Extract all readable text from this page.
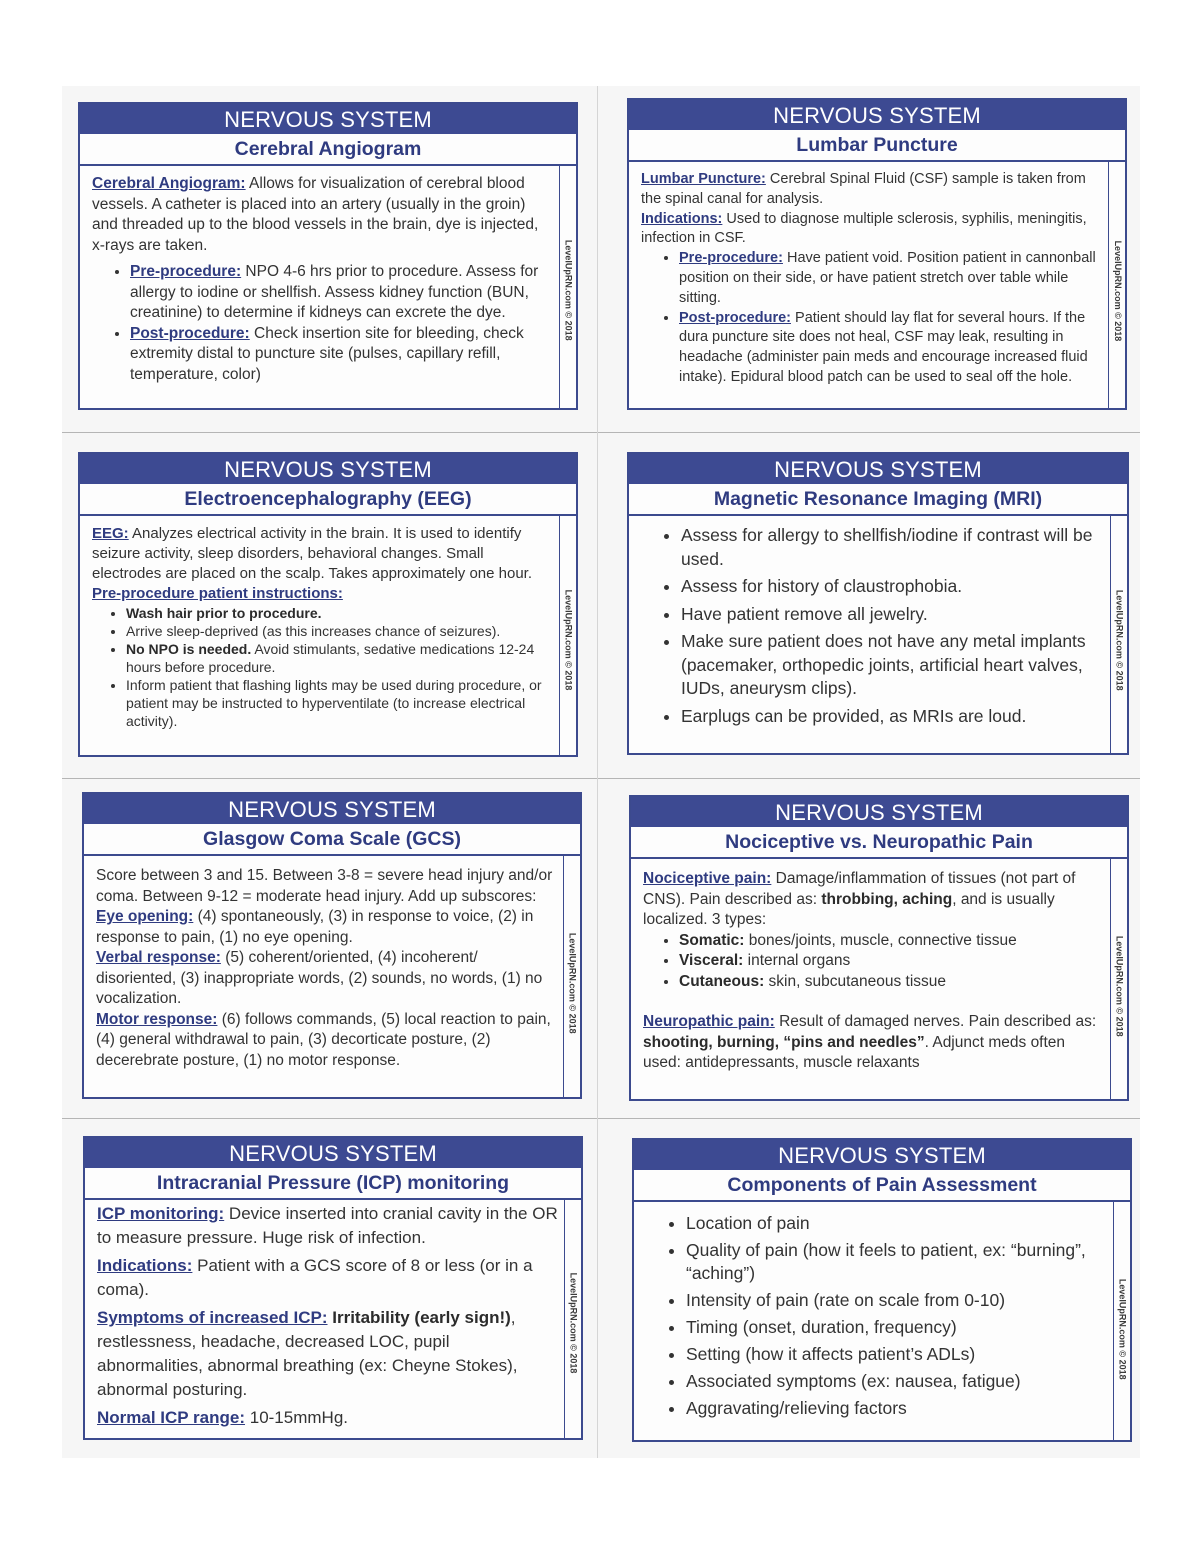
NERVOUS SYSTEM
Cerebral Angiogram

Cerebral Angiogram: Allows for visualization of cerebral blood vessels. A catheter is placed into an artery (usually in the groin) and threaded up to the blood vessels in the brain, dye is injected, x-rays are taken.

• Pre-procedure: NPO 4-6 hrs prior to procedure. Assess for allergy to iodine or shellfish. Assess kidney function (BUN, creatinine) to determine if kidneys can excrete the dye.
• Post-procedure: Check insertion site for bleeding, check extremity distal to puncture site (pulses, capillary refill, temperature, color)
LevelUpRN.com © 2018
NERVOUS SYSTEM
Lumbar Puncture

Lumbar Puncture: Cerebral Spinal Fluid (CSF) sample is taken from the spinal canal for analysis.

Indications: Used to diagnose multiple sclerosis, syphilis, meningitis, infection in CSF.

• Pre-procedure: Have patient void. Position patient in cannonball position on their side, or have patient stretch over table while sitting.
• Post-procedure: Patient should lay flat for several hours. If the dura puncture site does not heal, CSF may leak, resulting in headache (administer pain meds and encourage increased fluid intake). Epidural blood patch can be used to seal off the hole.
LevelUpRN.com © 2018
NERVOUS SYSTEM
Electroencephalography (EEG)

EEG: Analyzes electrical activity in the brain. It is used to identify seizure activity, sleep disorders, behavioral changes. Small electrodes are placed on the scalp. Takes approximately one hour.

Pre-procedure patient instructions:

• Wash hair prior to procedure.
• Arrive sleep-deprived (as this increases chance of seizures).
• No NPO is needed. Avoid stimulants, sedative medications 12-24 hours before procedure.
• Inform patient that flashing lights may be used during procedure, or patient may be instructed to hyperventilate (to increase electrical activity).
LevelUpRN.com © 2018
NERVOUS SYSTEM
Magnetic Resonance Imaging (MRI)
• Assess for allergy to shellfish/iodine if contrast will be used.
• Assess for history of claustrophobia.
• Have patient remove all jewelry.
• Make sure patient does not have any metal implants (pacemaker, orthopedic joints, artificial heart valves, IUDs, aneurysm clips).
• Earplugs can be provided, as MRIs are loud.
LevelUpRN.com © 2018
NERVOUS SYSTEM
Glasgow Coma Scale (GCS)

Score between 3 and 15. Between 3-8 = severe head injury and/or coma. Between 9-12 = moderate head injury. Add up subscores:

Eye opening: (4) spontaneously, (3) in response to voice, (2) in response to pain, (1) no eye opening.

Verbal response: (5) coherent/oriented, (4) incoherent/ disoriented, (3) inappropriate words, (2) sounds, no words, (1) no vocalization.

Motor response: (6) follows commands, (5) local reaction to pain, (4) general withdrawal to pain, (3) decorticate posture, (2) decerebrate posture, (1) no motor response.

LevelUpRN.com © 2018
NERVOUS SYSTEM
Nociceptive vs. Neuropathic Pain

Nociceptive pain: Damage/inflammation of tissues (not part of CNS). Pain described as: throbbing, aching, and is usually localized. 3 types:

• Somatic: bones/joints, muscle, connective tissue
• Visceral: internal organs
• Cutaneous: skin, subcutaneous tissue

Neuropathic pain: Result of damaged nerves. Pain described as: shooting, burning, “pins and needles”. Adjunct meds often used: antidepressants, muscle relaxants

LevelUpRN.com © 2018
NERVOUS SYSTEM
Intracranial Pressure (ICP) monitoring

ICP monitoring: Device inserted into cranial cavity in the OR to measure pressure. Huge risk of infection.

Indications: Patient with a GCS score of 8 or less (or in a coma).

Symptoms of increased ICP: Irritability (early sign!), restlessness, headache, decreased LOC, pupil abnormalities, abnormal breathing (ex: Cheyne Stokes), abnormal posturing.

Normal ICP range: 10-15mmHg.

LevelUpRN.com © 2018
NERVOUS SYSTEM
Components of Pain Assessment
• Location of pain
• Quality of pain (how it feels to patient, ex: “burning”, “aching”)
• Intensity of pain (rate on scale from 0-10)
• Timing (onset, duration, frequency)
• Setting (how it affects patient’s ADLs)
• Associated symptoms (ex: nausea, fatigue)
• Aggravating/relieving factors
LevelUpRN.com © 2018
